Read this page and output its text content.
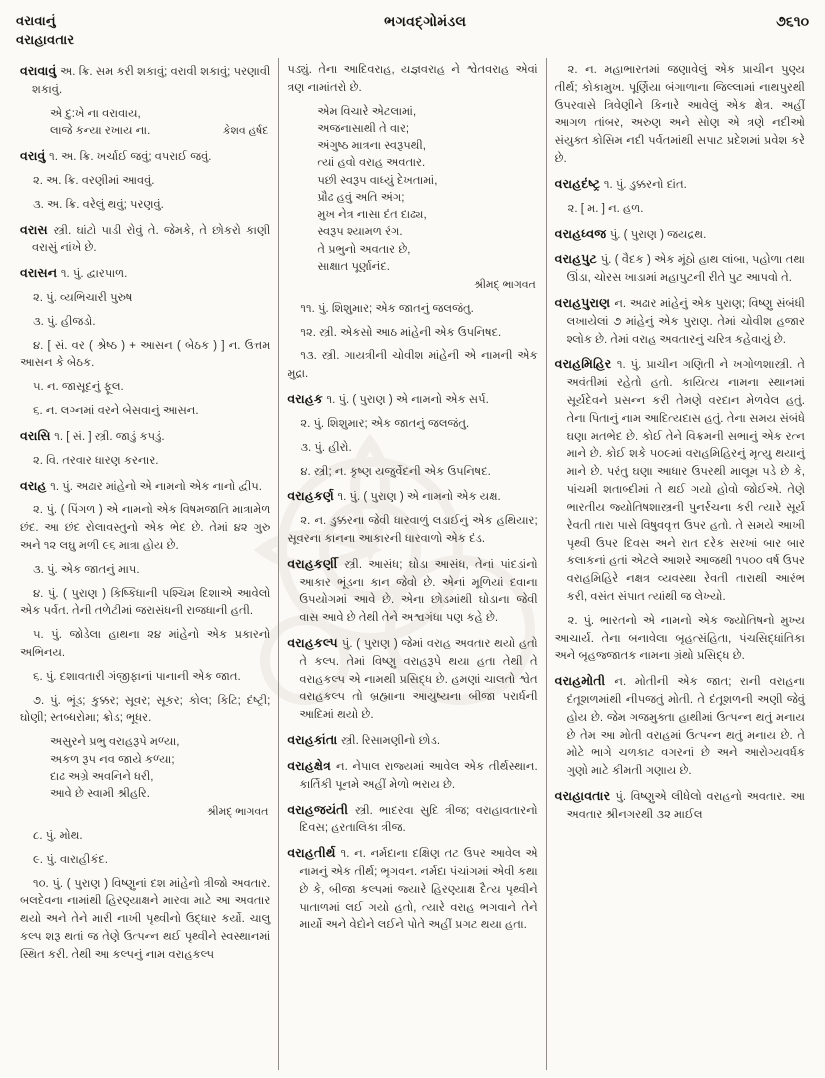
વરાવાનું
વરાહાવતાર
ભગવદ્ગોમંડલ	૭૬૧૦

વરાવાવું અ. ક્રિ. સમ કરી શકાવું; વરાવી શકાવું; પરણાવી શકાવું.

એ દુ:ખે ના વરાવાય,
લાજે કન્યા રખાય ના.	કેશવ હર્ષદ

વરાવું ૧. અ. ક્રિ. ખર્ચાઈ જવું; વપરાઈ જવું.

૨. અ. ક્રિ. વરણીમાં આવવું.

૩. અ. ક્રિ. વરેલું થવું; પરણવું.

વરાસ સ્ત્રી. ઘાંટો પાડી રોવું તે. જેમકે, તે છોકરો કાણી વરાસું નાંખે છે.

વરાસન ૧. પું. દ્વારપાળ.

૨. પું. વ્યભિચારી પુરુષ

૩. પું. હીજડો.

૪. [ સં. વર ( શ્રેષ્ઠ ) + આસન ( બેઠક ) ] ન. ઉત્તમ આસન કે બેઠક.

૫. ન. જાસૂદનું ફૂલ.

૬. ન. લગ્નમાં વરને બેસવાનું આસન.

વરાસિ ૧. [ સં. ] સ્ત્રી. જાડું કપડું.

૨. વિ. તરવાર ધારણ કરનાર.

વરાહ ૧. પું. અઢાર માંહેનો એ નામનો એક નાનો દ્વીપ.

૨. પું. ( પિંગળ ) એ નામનો એક વિષમજાતિ માત્રામેળ છંદ. આ છંદ રોલાવસ્તુનો એક ભેદ છે. તેમાં ૪૨ ગુરુ અને ૧૨ લઘુ મળી ૯૬ માત્રા હોય છે.

૩. પું. એક જાતનું માપ.

૪. પું. ( પુરાણ ) કિષ્કિંધાની પશ્ચિમ દિશાએ આવેલો એક પર્વત. તેની તળેટીમાં જરાસંધની રાજધાની હતી.

૫. પું. જોડેલા હાથના ૨૪ માંહેનો એક પ્રકારનો અભિનય.

૬. પું. દશાવતારી ગંજીફાનાં પાનાની એક જાત.

૭. પું. ભૂંડ; કુક્કર; સૂવર; સૂકર; કોલ; કિટિ; દંષ્ટ્રી; ઘોણી; સ્તબ્ધરોમા; ક્રોડ; ભૂધર.

અસુરને પ્રભુ વરાહરૂપે મળ્યા,
અકળ રૂપ નવ જાયે કળ્યા;
દાઢ અગ્રે અવનિને ધરી,
આવે છે સ્વામી શ્રીહરિ.
શ્રીમદ્ ભાગવત

૮. પું. મોથ.

૯. પું. વારાહીકંદ.

૧૦. પું. ( પુરાણ ) વિષ્ણુનાં દશ માંહેનો ત્રીજો અવતાર. બલદેવના નામાંથી હિરણ્યાક્ષને મારવા માટે આ અવતાર થયો અને તેને મારી નાખી પૃથ્વીનો ઉદ્ધાર કર્યો. ચાલુ કલ્પ શરૂ થતાં જ તેણે ઉત્પન્ન થઈ પૃથ્વીને સ્વસ્થાનમાં સ્થિત કરી. તેથી આ કલ્પનું નામ વરાહકલ્પ

પડ્યું. તેના આદિવરાહ, યજ્ઞવરાહ ને શ્વેતવરાહ એવાં ત્રણ નામાંતરો છે.

એમ વિચારે એટલામાં,
અજનાસાથી તે વાર;
અંગુષ્ઠ માત્રના સ્વરૂપથી,
ત્યાં હવો વરાહ અવતાર.
પછી સ્વરૂપ વાધ્યું દેખતામાં,
પ્રૌઢ હવું અતિ અંગ;
મુખ નેત્ર નાસા દંત દાઢ્ય,
સ્વરૂપ શ્યામળ રંગ.
તે પ્રભુનો અવતાર છે,
સાક્ષાત પૂર્ણાનંદ.
શ્રીમદ્ ભાગવત

૧૧. પું. શિશુમાર; એક જાતનું જલજંતુ.

૧૨. સ્ત્રી. એકસો આઠ માંહેની એક ઉપનિષદ.

૧૩. સ્ત્રી. ગાયત્રીની ચોવીશ માંહેની એ નામની એક મુદ્રા.

વરાહક ૧. પું. ( પુરાણ ) એ નામનો એક સર્પ.

૨. પું. શિશુમાર; એક જાતનું જલજંતુ.

૩. પું. હીરો.

૪. સ્ત્રી; ન. કૃષ્ણ યજુર્વેદની એક ઉપનિષદ.

વરાહકર્ણ ૧. પું. ( પુરાણ ) એ નામનો એક યક્ષ.

૨. ન. ડુક્કરના જેવી ધારવાળું લડાઈનું એક હથિયાર; સૂવરના કાનના આકારની ધારવાળો એક દંડ.

વરાહકર્ણી સ્ત્રી. આસંધ; ઘોડા આસંધ, તેનાં પાંદડાંનો આકાર ભૂંડના કાન જેવો છે. એનાં મૂળિયાં દવાના ઉપયોગમાં આવે છે. એના છોડમાંથી ઘોડાના જેવી વાસ આવે છે તેથી તેને અશ્વગંધા પણ કહે છે.

વરાહકલ્પ પું. ( પુરાણ ) જેમાં વરાહ અવતાર થયો હતો તે કલ્પ. તેમાં વિષ્ણુ વરાહરૂપે થયા હતા તેથી તે વરાહકલ્પ એ નામથી પ્રસિદ્ધ છે. હમણાં ચાલતો શ્વેત વરાહકલ્પ તો બ્રહ્માના આયુષ્યના બીજા પરાર્ધની આદિમાં થયો છે.

વરાહકાંતા સ્ત્રી. રિસામણીનો છોડ.

વરાહક્ષેત્ર ન. નેપાલ રાજ્યમાં આવેલ એક તીર્થસ્થાન. કાર્તિકી પૂનમે અહીં મેળો ભરાય છે.

વરાહજયંતી સ્ત્રી. ભાદરવા સુદિ ત્રીજ; વરાહાવતારનો દિવસ; હરતાલિકા ત્રીજ.

વરાહતીર્થ ૧. ન. નર્મદાના દક્ષિણ તટ ઉપર આવેલ એ નામનું એક તીર્થ; ભૃગવન. નર્મદા પંચાંગમાં એવી કથા છે કે, બીજા કલ્પમાં જ્યારે હિરણ્યાક્ષ દૈત્ય પૃથ્વીને પાતાળમાં લઈ ગયો હતો, ત્યારે વરાહ ભગવાને તેને માર્યો અને વેદોને લઈને પોતે અહીં પ્રગટ થયા હતા.

૨. ન. મહાભારતમાં જણાવેલું એક પ્રાચીન પુણ્ય તીર્થ; કોકામુખ. પૂર્ણિયા બંગાળાના જિલ્લામાં નાથપુરથી ઉપરવાસે ત્રિવેણીને કિનારે આવેલું એક ક્ષેત્ર. અહીં આગળ તાંબર, અરુણ અને સોણ એ ત્રણે નદીઓ સંયુક્ત કોસિમ નદી પર્વતમાંથી સપાટ પ્રદેશમાં પ્રવેશ કરે છે.

વરાહદંષ્ટ્ર ૧. પું. ડુક્કરનો દાંત.

૨. [ મ. ] ન. હળ.

વરાહધ્વજ પું. ( પુરાણ ) જયદ્રથ.

વરાહપુટ પું. ( વૈદક ) એક મૂંઠો હાથ લાંબા, પહોળા તથા ઊંડા, ચોરસ ખાડામાં મહાપુટની રીતે પુટ આપવો તે.

વરાહપુરાણ ન. અઢાર માંહેનું એક પુરાણ; વિષ્ણુ સંબંધી લખાયેલાં ૭ માંહેનું એક પુરાણ. તેમાં ચોવીશ હજાર શ્લોક છે. તેમાં વરાહ અવતારનું ચરિત્ર કહેવાયું છે.

વરાહમિહિર ૧. પું. પ્રાચીન ગણિતી ને ખગોળશાસ્ત્રી. તે અવંતીમાં રહેતો હતો. કાયિત્ય નામના સ્થાનમાં સૂર્યદેવને પ્રસન્ન કરી તેમણે વરદાન મેળવેલ હતું. તેના પિતાનું નામ આદિત્યદાસ હતું. તેના સમય સંબંધે ઘણા મતભેદ છે. કોઈ તેને વિક્રમની સભાનું એક રત્ન માને છે. કોઈ શકે ૫૦૯માં વરાહમિહિરનું મૃત્યુ થયાનું માને છે. પરંતુ ઘણા આધાર ઉપરથી માલૂમ પડે છે કે, પાંચમી શતાબ્દીમાં તે થઈ ગયો હોવો જોઈએ. તેણે ભારતીય જ્યોતિષશાસ્ત્રની પુનર્રચના કરી ત્યારે સૂર્ય રેવતી તારા પાસે વિષુવવૃત્ત ઉપર હતો. તે સમયે આખી પૃથ્વી ઉપર દિવસ અને રાત દરેક સરખાં બાર બાર કલાકનાં હતાં એટલે આશરે આજથી ૧૫૦૦ વર્ષ ઉપર વરાહમિહિરે નક્ષત્ર વ્યવસ્થા રેવતી તારાથી આરંભ કરી, વસંત સંપાત ત્યાંથી જ લેખ્યો.

૨. પું. ભારતનો એ નામનો એક જ્યોતિષનો મુખ્ય આચાર્ય. તેના બનાવેલા બૃહત્સંહિતા, પંચસિદ્ધાંતિકા અને બૃહજ્જાતક નામના ગ્રંથો પ્રસિદ્ધ છે.

વરાહમોતી ન. મોતીની એક જાત; રાની વરાહના દંતૂશળમાંથી નીપજતું મોતી. તે દંતૂશળની અણી જેવું હોય છે. જેમ ગજમુક્તા હાથીમાં ઉત્પન્ન થતું મનાય છે તેમ આ મોતી વરાહમાં ઉત્પન્ન થતું મનાય છે. તે મોટે ભાગે ચળકાટ વગરનાં છે અને આરોગ્યવર્ધક ગુણો માટે કીમતી ગણાય છે.

વરાહાવતાર પું. વિષ્ણુએ લીધેલો વરાહનો અવતાર. આ અવતાર શ્રીનગરથી ૩૨ માઈલ
